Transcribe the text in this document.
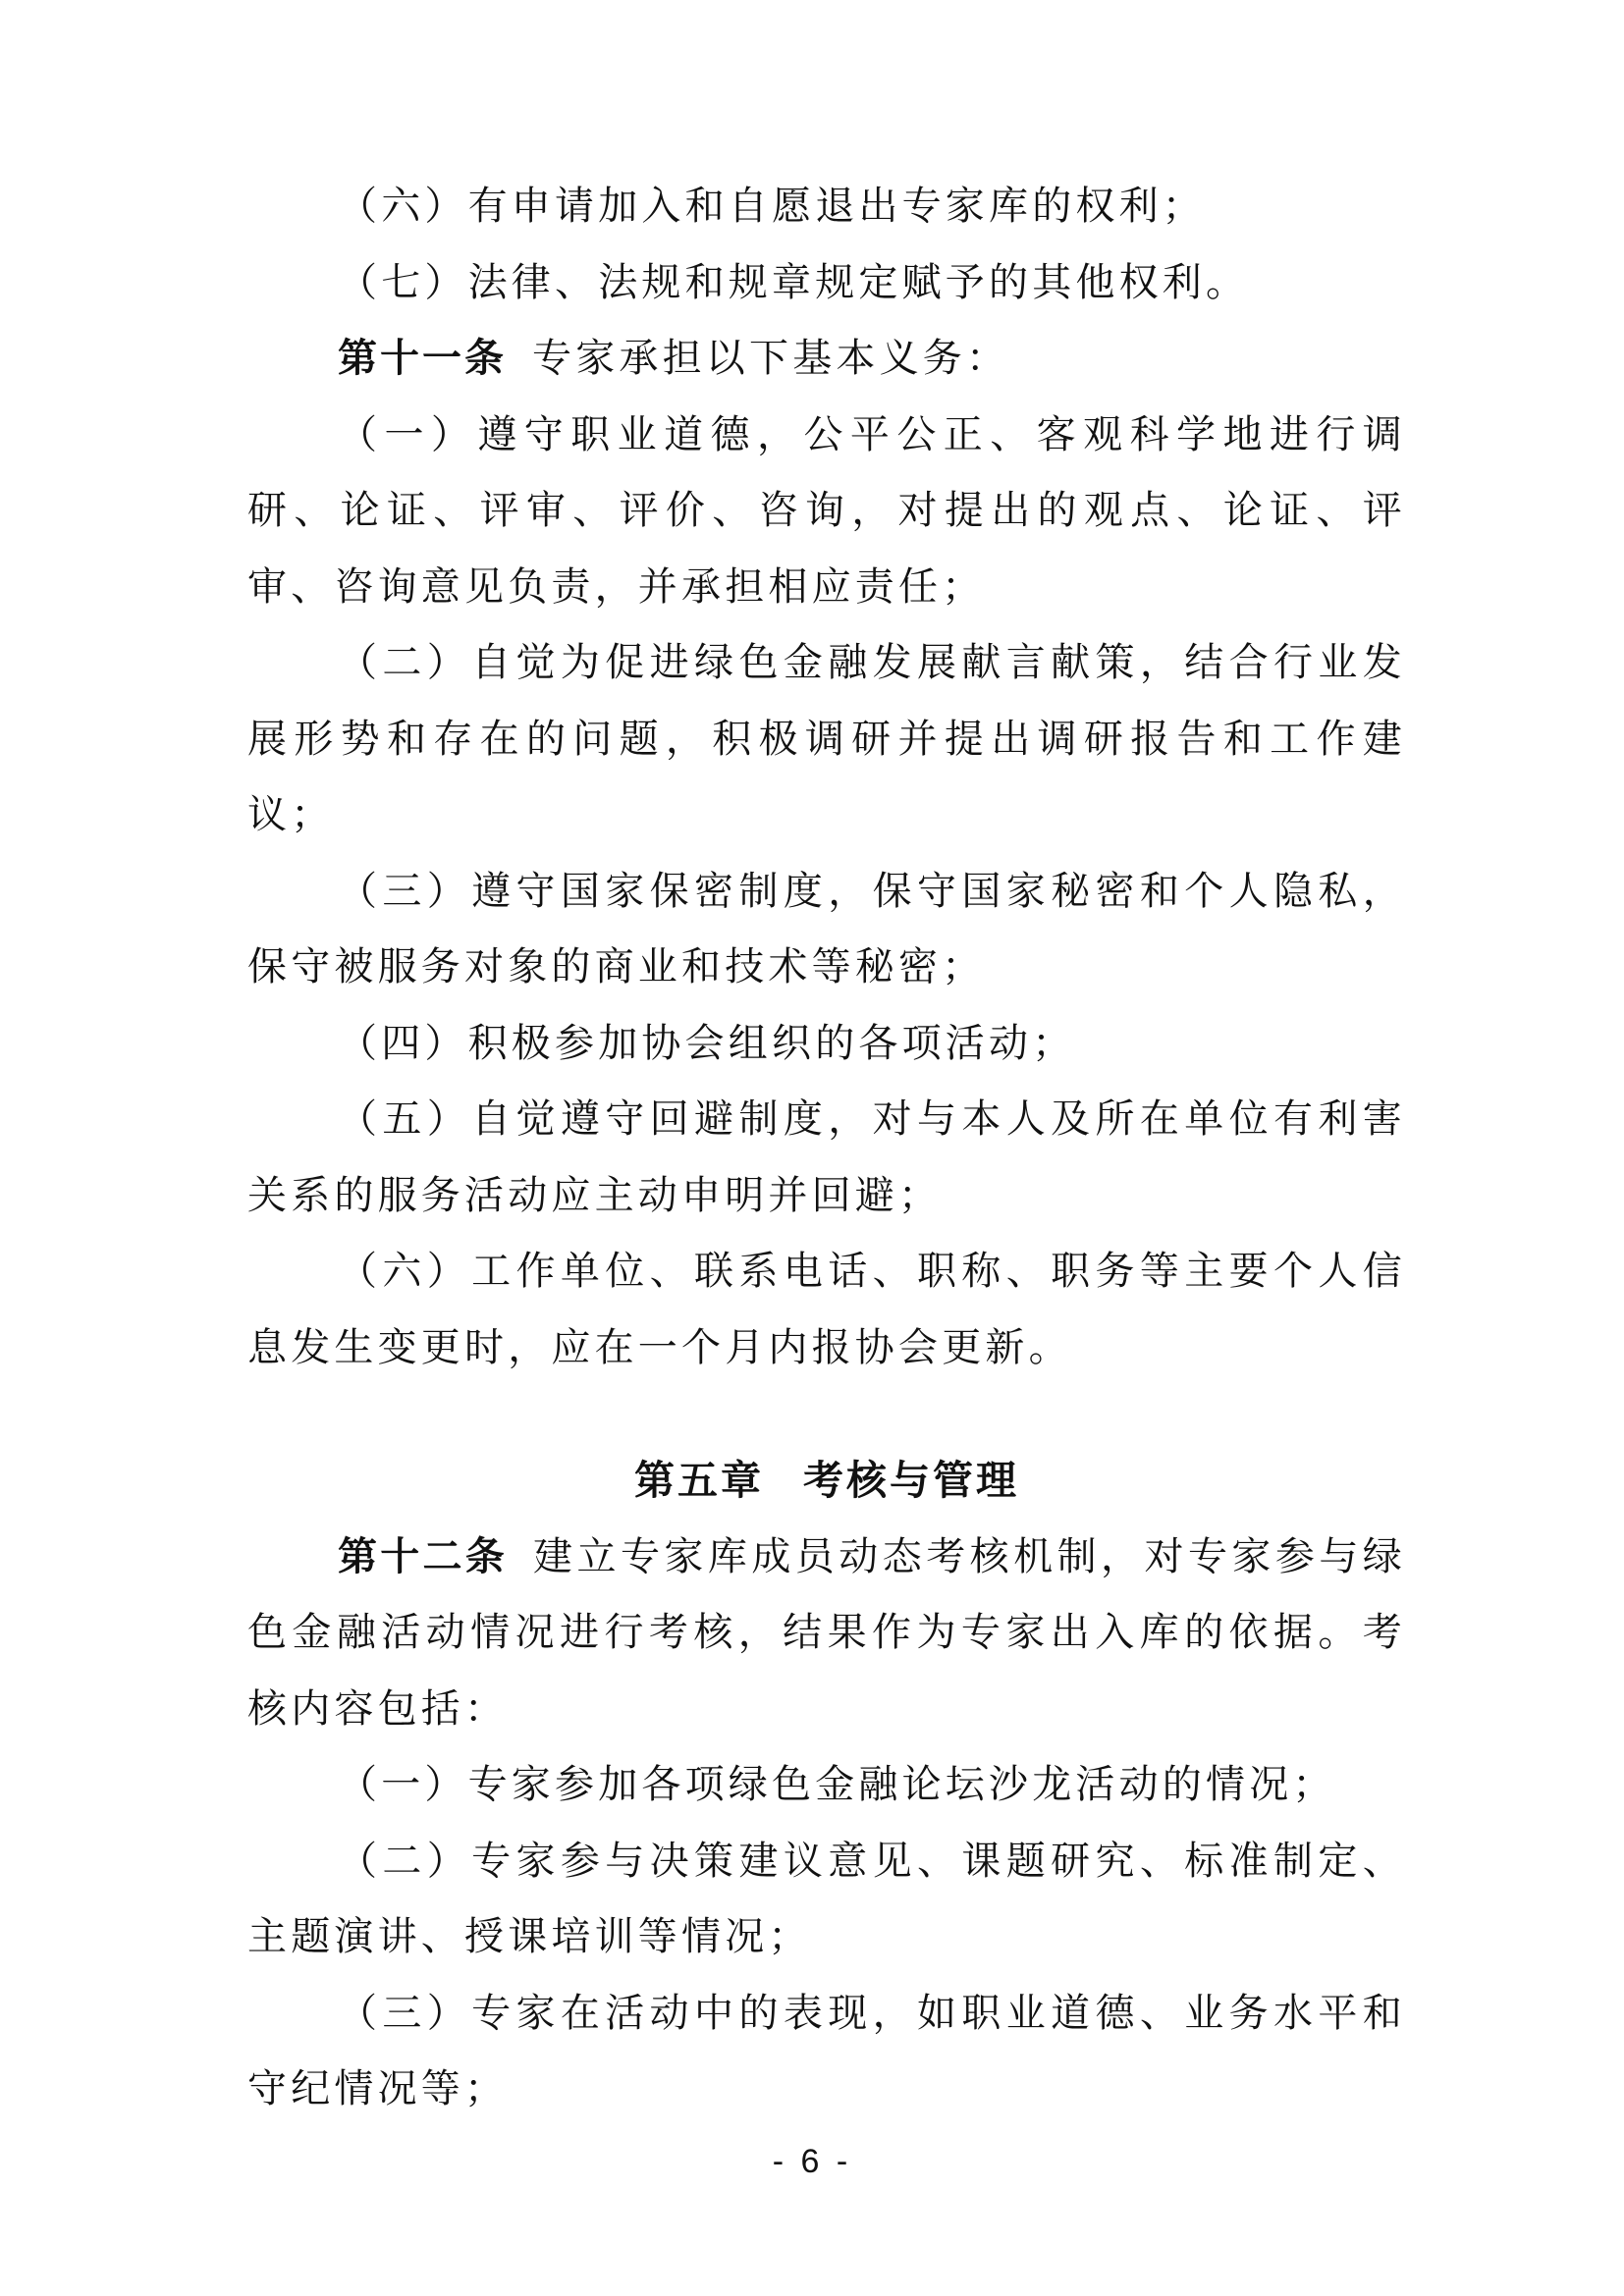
（六）有申请加入和自愿退出专家库的权利；

（七）法律、法规和规章规定赋予的其他权利。

第十一条 专家承担以下基本义务：

（一）遵守职业道德，公平公正、客观科学地进行调研、论证、评审、评价、咨询，对提出的观点、论证、评审、咨询意见负责，并承担相应责任；

（二）自觉为促进绿色金融发展献言献策，结合行业发展形势和存在的问题，积极调研并提出调研报告和工作建议；

（三）遵守国家保密制度，保守国家秘密和个人隐私，保守被服务对象的商业和技术等秘密；

（四）积极参加协会组织的各项活动；

（五）自觉遵守回避制度，对与本人及所在单位有利害关系的服务活动应主动申明并回避；

（六）工作单位、联系电话、职称、职务等主要个人信息发生变更时，应在一个月内报协会更新。

第五章 考核与管理

第十二条 建立专家库成员动态考核机制，对专家参与绿色金融活动情况进行考核，结果作为专家出入库的依据。考核内容包括：

（一）专家参加各项绿色金融论坛沙龙活动的情况；

（二）专家参与决策建议意见、课题研究、标准制定、主题演讲、授课培训等情况；

（三）专家在活动中的表现，如职业道德、业务水平和守纪情况等；

- 6 -
